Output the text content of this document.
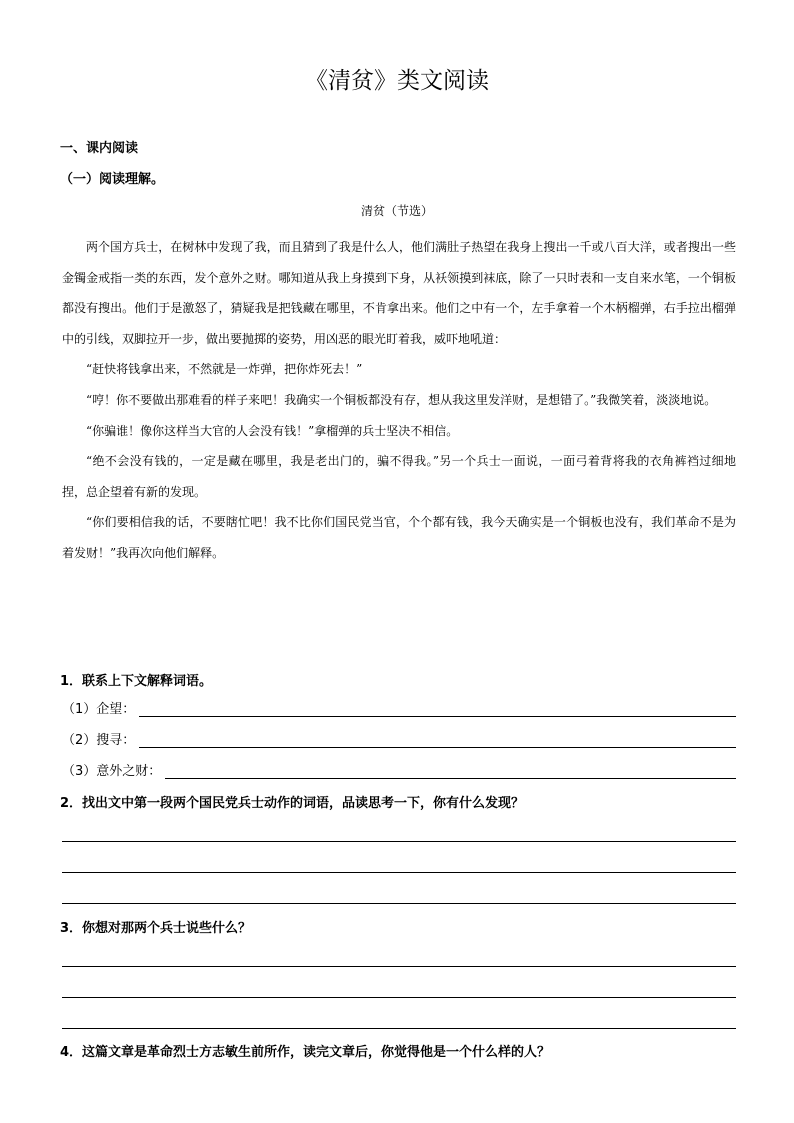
《清贫》类文阅读
一、课内阅读
（一）阅读理解。
清贫（节选）

两个国方兵士，在树林中发现了我，而且猜到了我是什么人，他们满肚子热望在我身上搜出一千或八百大洋，或者搜出一些金镯金戒指一类的东西，发个意外之财。哪知道从我上身摸到下身，从袄领摸到袜底，除了一只时表和一支自来水笔，一个铜板都没有搜出。他们于是激怒了，猜疑我是把钱藏在哪里，不肯拿出来。他们之中有一个，左手拿着一个木柄榴弹，右手拉出榴弹中的引线，双脚拉开一步，做出要抛掷的姿势，用凶恶的眼光盯着我，威吓地吼道：

“赶快将钱拿出来，不然就是一炸弹，把你炸死去！”

“哼！你不要做出那难看的样子来吧！我确实一个铜板都没有存，想从我这里发洋财，是想错了。”我微笑着，淡淡地说。

“你骗谁！像你这样当大官的人会没有钱！”拿榴弹的兵士坚决不相信。

“绝不会没有钱的，一定是藏在哪里，我是老出门的，骗不得我。”另一个兵士一面说，一面弓着背将我的衣角裤裆过细地捏，总企望着有新的发现。

“你们要相信我的话，不要瞎忙吧！我不比你们国民党当官，个个都有钱，我今天确实是一个铜板也没有，我们革命不是为着发财！”我再次向他们解释。

1．联系上下文解释词语。
（1）企望：
（2）搜寻：
（3）意外之财：
2．找出文中第一段两个国民党兵士动作的词语，品读思考一下，你有什么发现？
3．你想对那两个兵士说些什么？
4．这篇文章是革命烈士方志敏生前所作，读完文章后，你觉得他是一个什么样的人？
